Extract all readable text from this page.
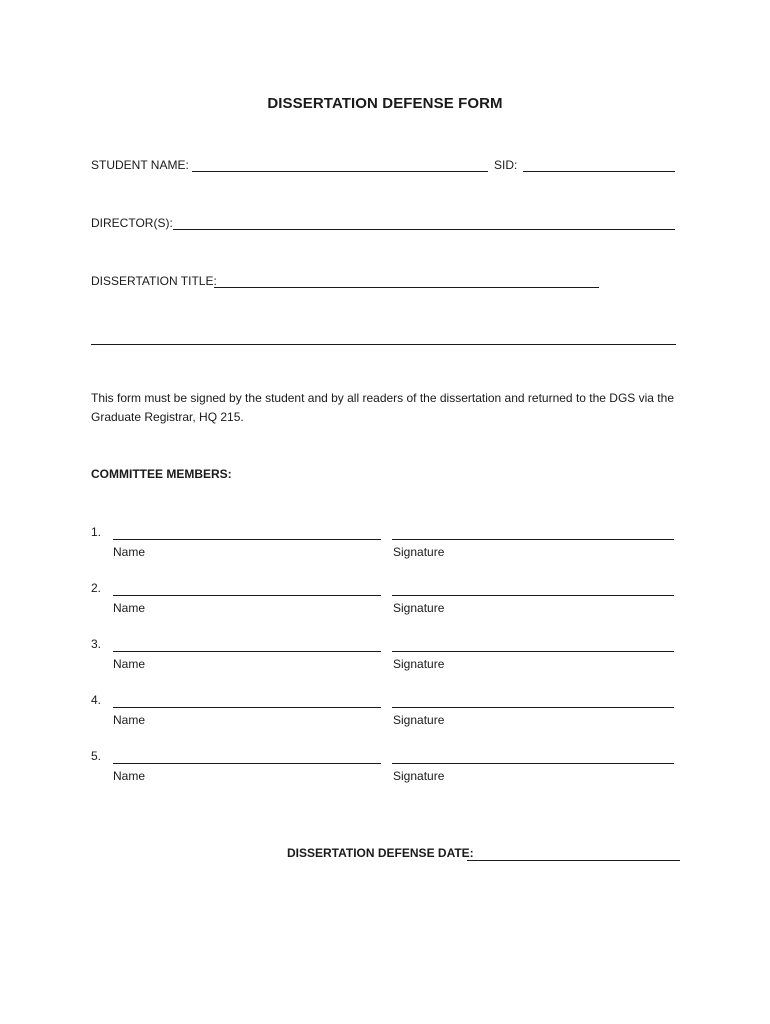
DISSERTATION DEFENSE FORM
STUDENT NAME:	SID:
DIRECTOR(S):
DISSERTATION TITLE:
This form must be signed by the student and by all readers of the dissertation and returned to the DGS via the Graduate Registrar, HQ 215.
COMMITTEE MEMBERS:
1.
Name	Signature
2.
Name	Signature
3.
Name	Signature
4.
Name	Signature
5.
Name	Signature
DISSERTATION DEFENSE DATE:
